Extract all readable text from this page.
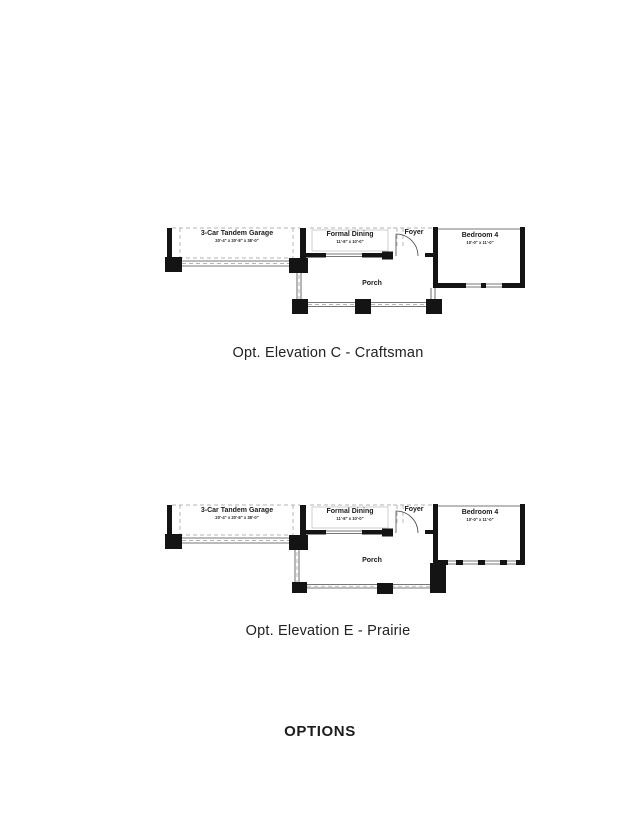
3-Car Tandem Garage
20'-4" x 20'-8" x 38'-0"
Formal Dining
11'-8" x 10'-0"
Foyer	Bedroom 4
10'-0" x 11'-0"
Porch
Opt. Elevation C - Craftsman
3-Car Tandem Garage
20'-4" x 20'-8" x 38'-0"
Formal Dining
11'-8" x 10'-0"
Foyer	Bedroom 4
10'-0" x 11'-0"
Porch
Opt. Elevation E - Prairie
OPTIONS
